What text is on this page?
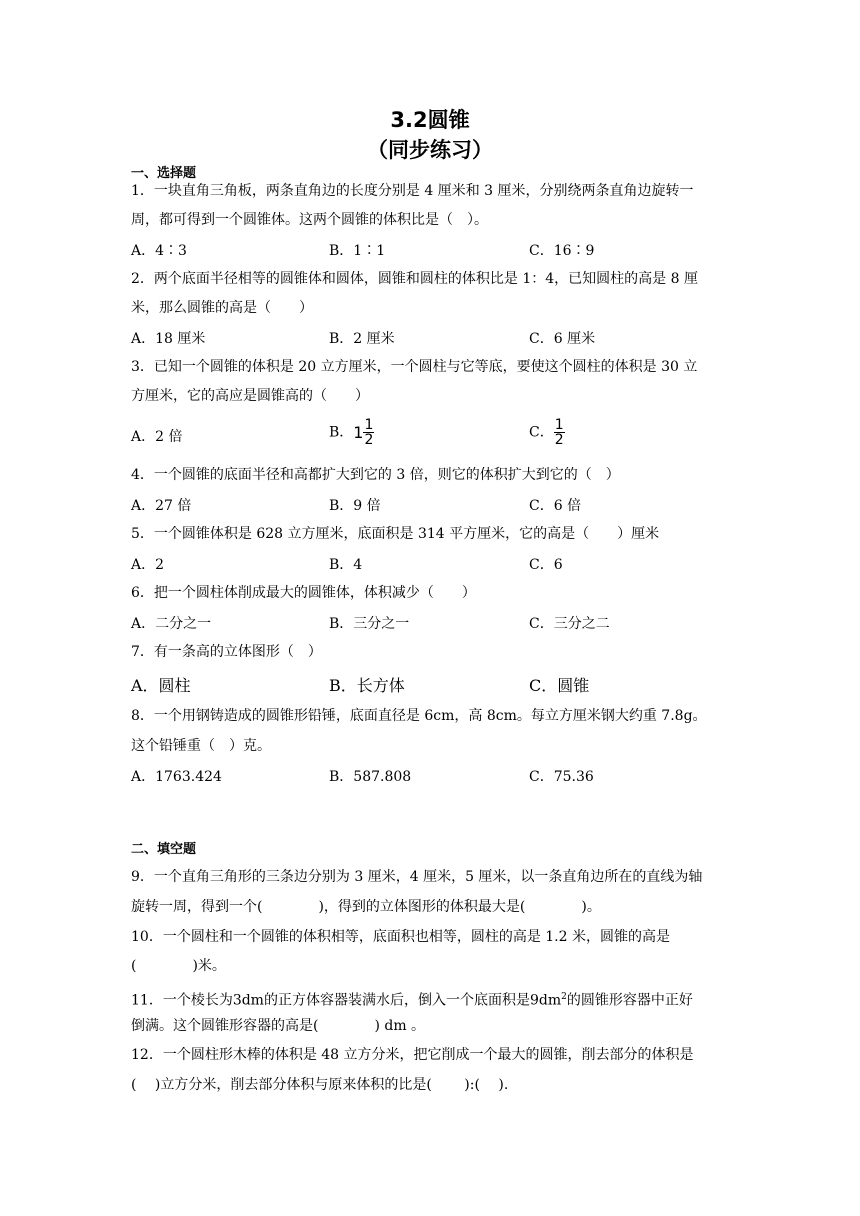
3.2圆锥
（同步练习）
一、选择题
1．一块直角三角板，两条直角边的长度分别是 4 厘米和 3 厘米，分别绕两条直角边旋转一
周，都可得到一个圆锥体。这两个圆锥的体积比是（　）。
A．4∶3	B．1∶1	C．16∶9
2．两个底面半径相等的圆锥体和圆体，圆锥和圆柱的体积比是 1：4，已知圆柱的高是 8 厘
米，那么圆锥的高是（　　）
A．18 厘米	B．2 厘米	C．6 厘米
3．已知一个圆锥的体积是 20 立方厘米，一个圆柱与它等底，要使这个圆柱的体积是 30 立
方厘米，它的高应是圆锥高的（　　）
A．2 倍	B．$1 \frac{1}{2}$	C． $\frac{1}{2}$
4．一个圆锥的底面半径和高都扩大到它的 3 倍，则它的体积扩大到它的（　）
A．27 倍	B．9 倍	C．6 倍
5．一个圆锥体积是 628 立方厘米，底面积是 314 平方厘米，它的高是（　　）厘米
A．2	B．4	C．6
6．把一个圆柱体削成最大的圆锥体，体积减少（　　）
A．二分之一	B．三分之一	C．三分之二
7．有一条高的立体图形（　）
A．圆柱	B．长方体	C．圆锥
8．一个用钢铸造成的圆锥形铅锤，底面直径是 6cm，高 8cm。每立方厘米钢大约重 7.8g。
这个铅锤重（　）克。
A．1763.424	B．587.808	C．75.36
二、填空题
9．一个直角三角形的三条边分别为 3 厘米，4 厘米，5 厘米，以一条直角边所在的直线为轴
旋转一周，得到一个(　　　　)，得到的立体图形的体积最大是(　　　　)。
10．一个圆柱和一个圆锥的体积相等，底面积也相等，圆柱的高是 1.2 米，圆锥的高是
(　　　　)米。
11．一个棱长为3dm的正方体容器装满水后，倒入一个底面积是$9dm^2$的圆锥形容器中正好
倒满。这个圆锥形容器的高是(　　　　) dm 。
12．一个圆柱形木棒的体积是 48 立方分米，把它削成一个最大的圆锥，削去部分的体积是
(　 )立方分米，削去部分体积与原来体积的比是(　　 ):(　 ).
